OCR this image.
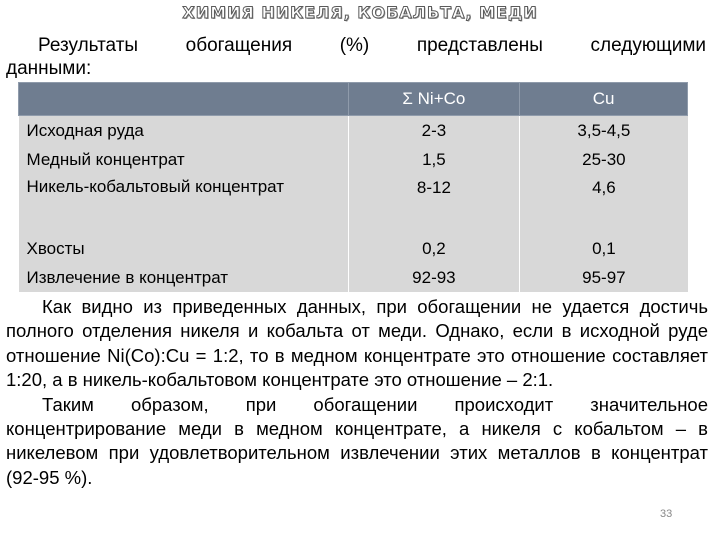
ХИМИЯ НИКЕЛЯ, КОБАЛЬТА, МЕДИ
Результаты обогащения (%) представлены следующими
данными:
	Σ Ni+Co	Cu
Исходная руда	2-3	3,5-4,5
Медный концентрат	1,5	25-30
Никель-кобальтовый концентрат	8-12	4,6
Хвосты	0,2	0,1
Извлечение в концентрат	92-93	95-97

Как видно из приведенных данных, при обогащении не удается достичь полного отделения никеля и кобальта от меди. Однако, если в исходной руде отношение Ni(Co):Cu = 1:2, то в медном концентрате это отношение составляет 1:20, а в никель-кобальтовом концентрате это отношение – 2:1.

Таким образом, при обогащении происходит значительное концентрирование меди в медном концентрате, а никеля с кобальтом – в никелевом при удовлетворительном извлечении этих металлов в концентрат (92-95 %).

33
